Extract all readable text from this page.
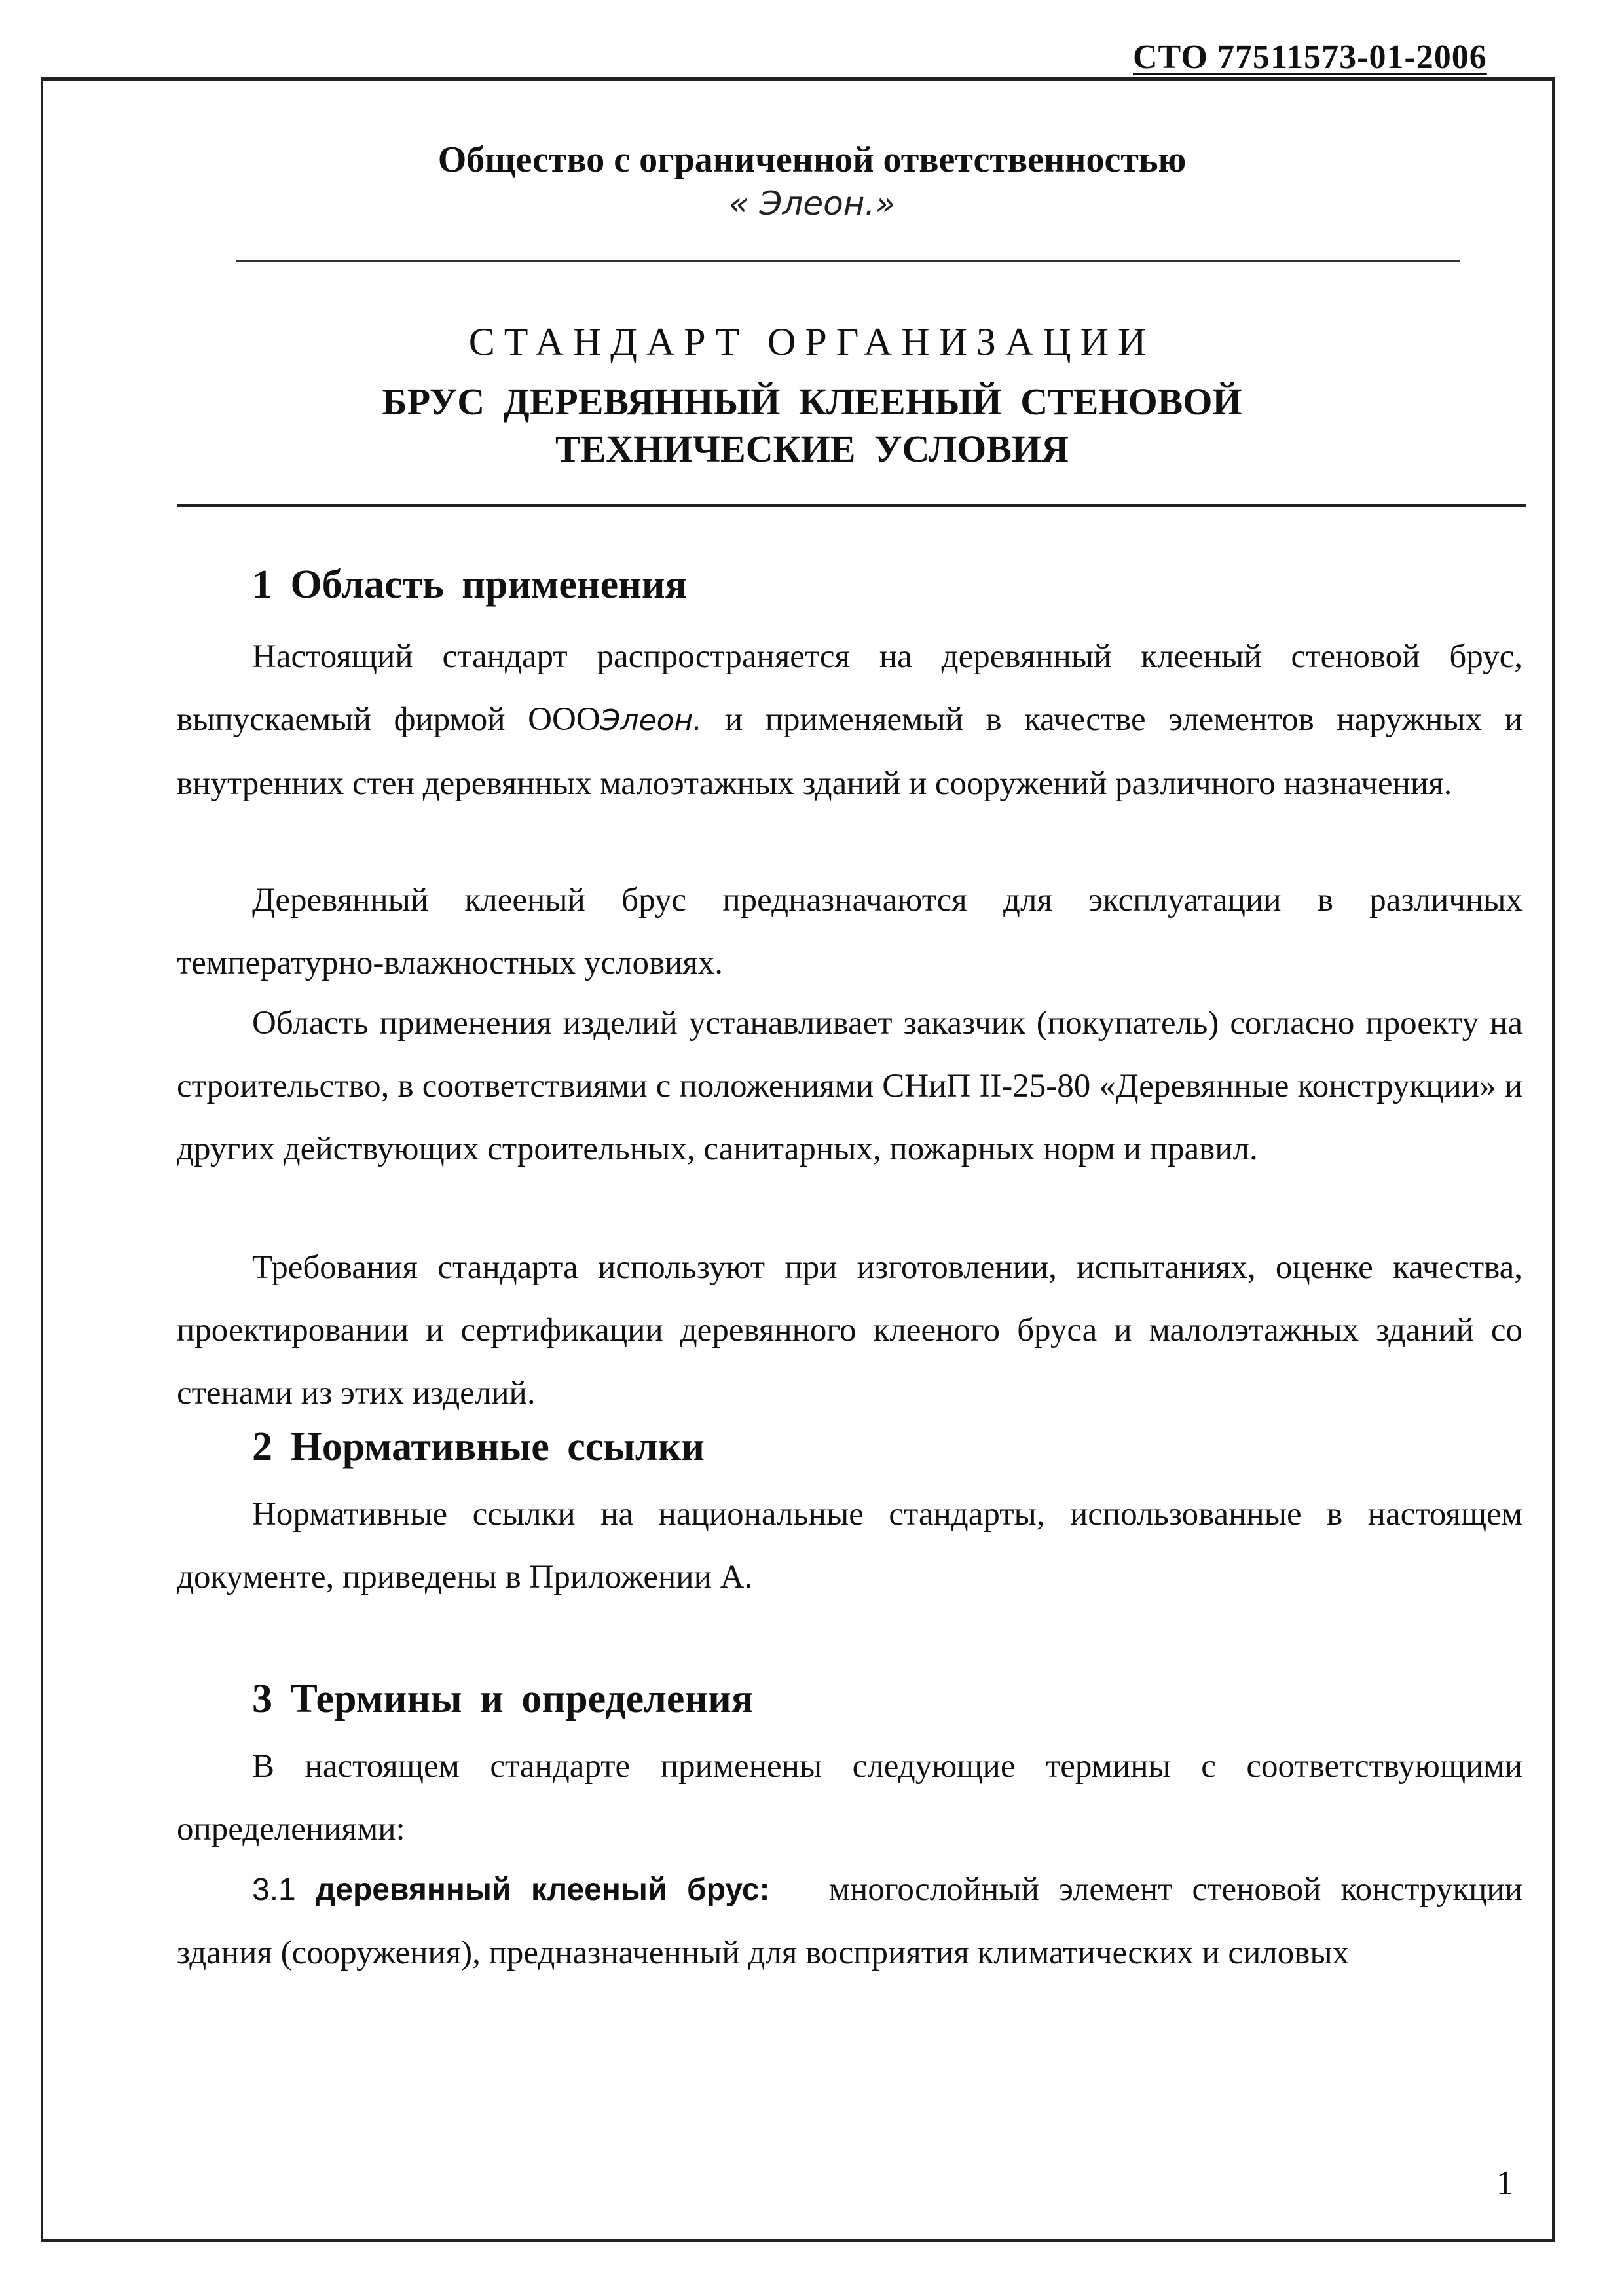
СТО 77511573-01-2006
Общество с ограниченной ответственностью
« Элеон.»
СТАНДАРТ ОРГАНИЗАЦИИ
БРУС ДЕРЕВЯННЫЙ КЛЕЕНЫЙ СТЕНОВОЙ
ТЕХНИЧЕСКИЕ УСЛОВИЯ
1 Область применения
Настоящий стандарт распространяется на деревянный клееный стеновой брус, выпускаемый фирмой ОООЭлеон. и применяемый в качестве элементов наружных и внутренних стен деревянных малоэтажных зданий и сооружений различного назначения.
Деревянный клееный брус предназначаются для эксплуатации в различных температурно-влажностных условиях.
Область применения изделий устанавливает заказчик (покупатель) согласно проекту на строительство, в соответствиями с положениями СНиП II-25-80 «Деревянные конструкции» и других действующих строительных, санитарных, пожарных норм и правил.
Требования стандарта используют при изготовлении, испытаниях, оценке качества, проектировании и сертификации деревянного клееного бруса и малолэтажных зданий со стенами из этих изделий.
2 Нормативные ссылки
Нормативные ссылки на национальные стандарты, использованные в настоящем документе, приведены в Приложении А.
3 Термины и определения
В настоящем стандарте применены следующие термины с соответствующими определениями:
3.1 деревянный клееный брус: многослойный элемент стеновой конструкции здания (сооружения), предназначенный для восприятия климатических и силовых
1
